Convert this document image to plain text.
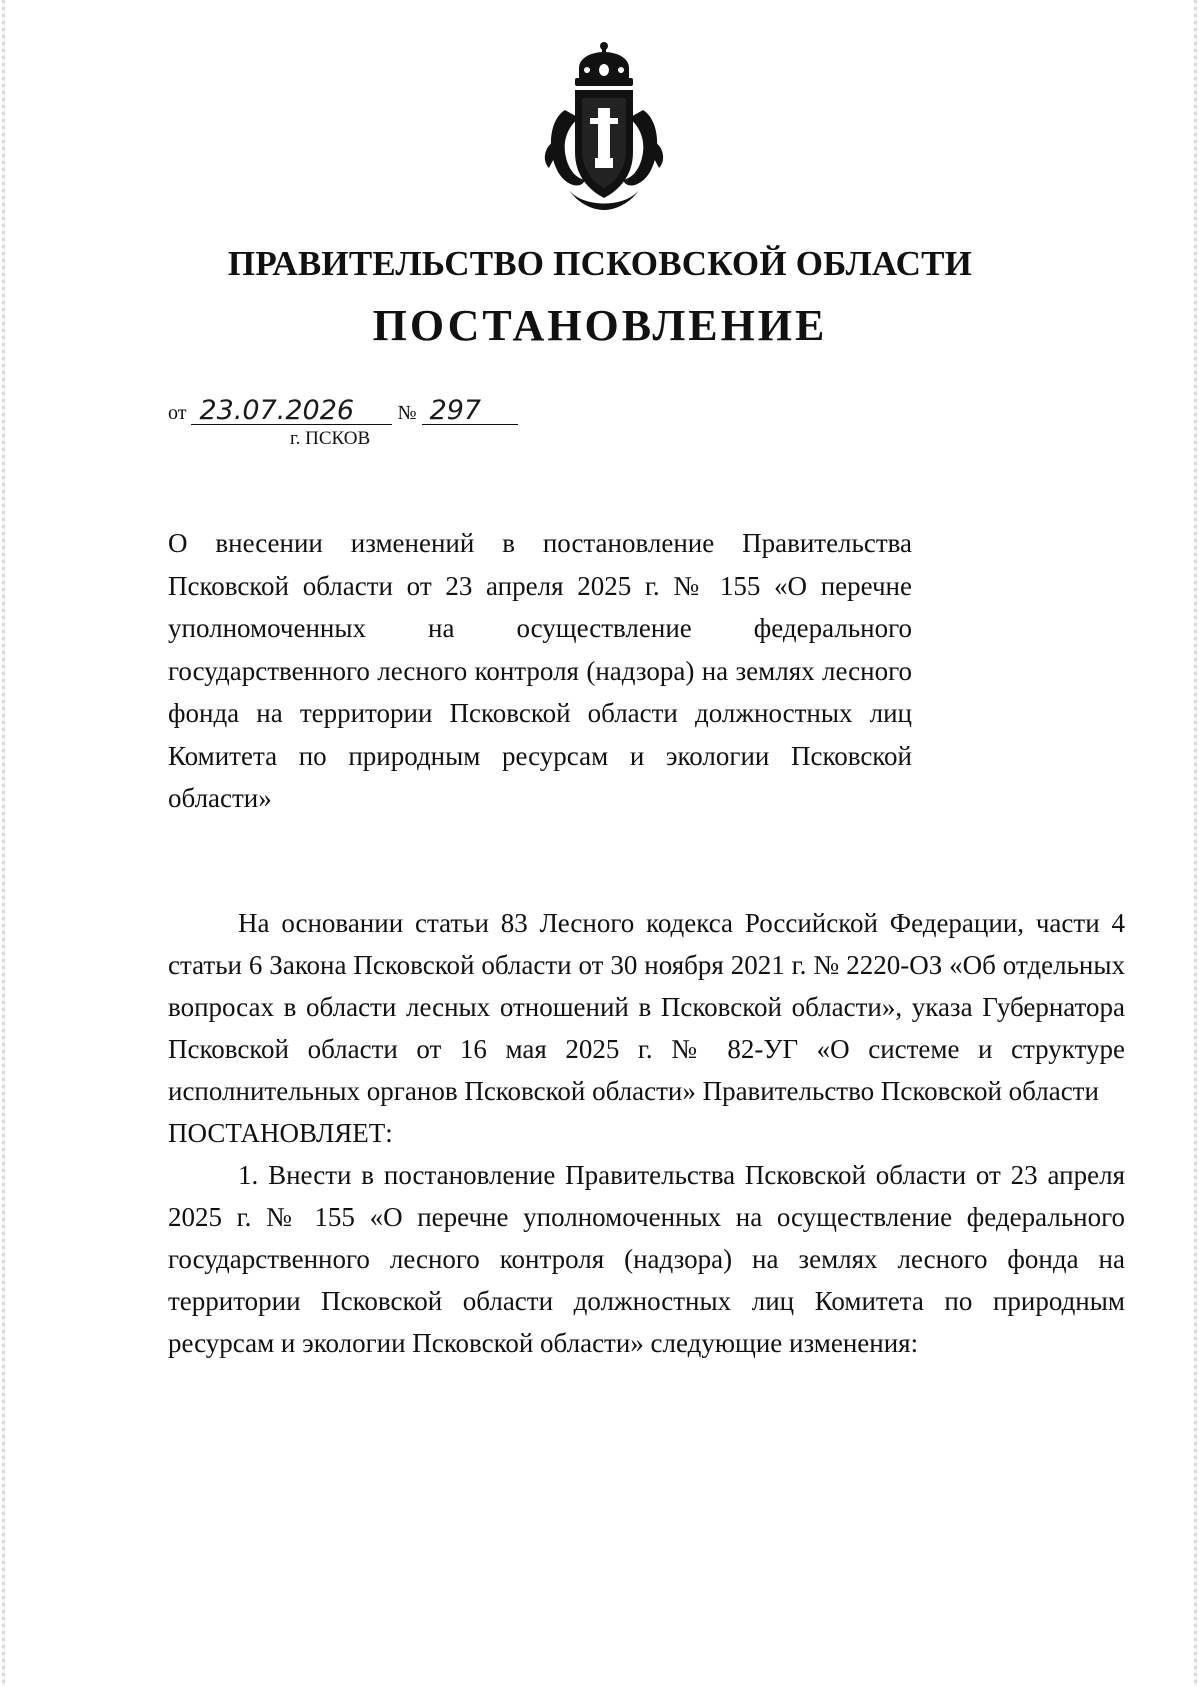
ПРАВИТЕЛЬСТВО ПСКОВСКОЙ ОБЛАСТИ
ПОСТАНОВЛЕНИЕ
от 23.07.2026 № 297
г. ПСКОВ
О внесении изменений в постановление Правительства Псковской области от 23 апреля 2025 г. № 155 «О перечне уполномоченных на осуществление федерального государственного лесного контроля (надзора) на землях лесного фонда на территории Псковской области должностных лиц Комитета по природным ресурсам и экологии Псковской области»

На основании статьи 83 Лесного кодекса Российской Федерации, части 4 статьи 6 Закона Псковской области от 30 ноября 2021 г. № 2220-ОЗ «Об отдельных вопросах в области лесных отношений в Псковской области», указа Губернатора Псковской области от 16 мая 2025 г. № 82-УГ «О системе и структуре исполнительных органов Псковской области» Правительство Псковской области

ПОСТАНОВЛЯЕТ:

1. Внести в постановление Правительства Псковской области от 23 апреля 2025 г. № 155 «О перечне уполномоченных на осуществление федерального государственного лесного контроля (надзора) на землях лесного фонда на территории Псковской области должностных лиц Комитета по природным ресурсам и экологии Псковской области» следующие изменения:
